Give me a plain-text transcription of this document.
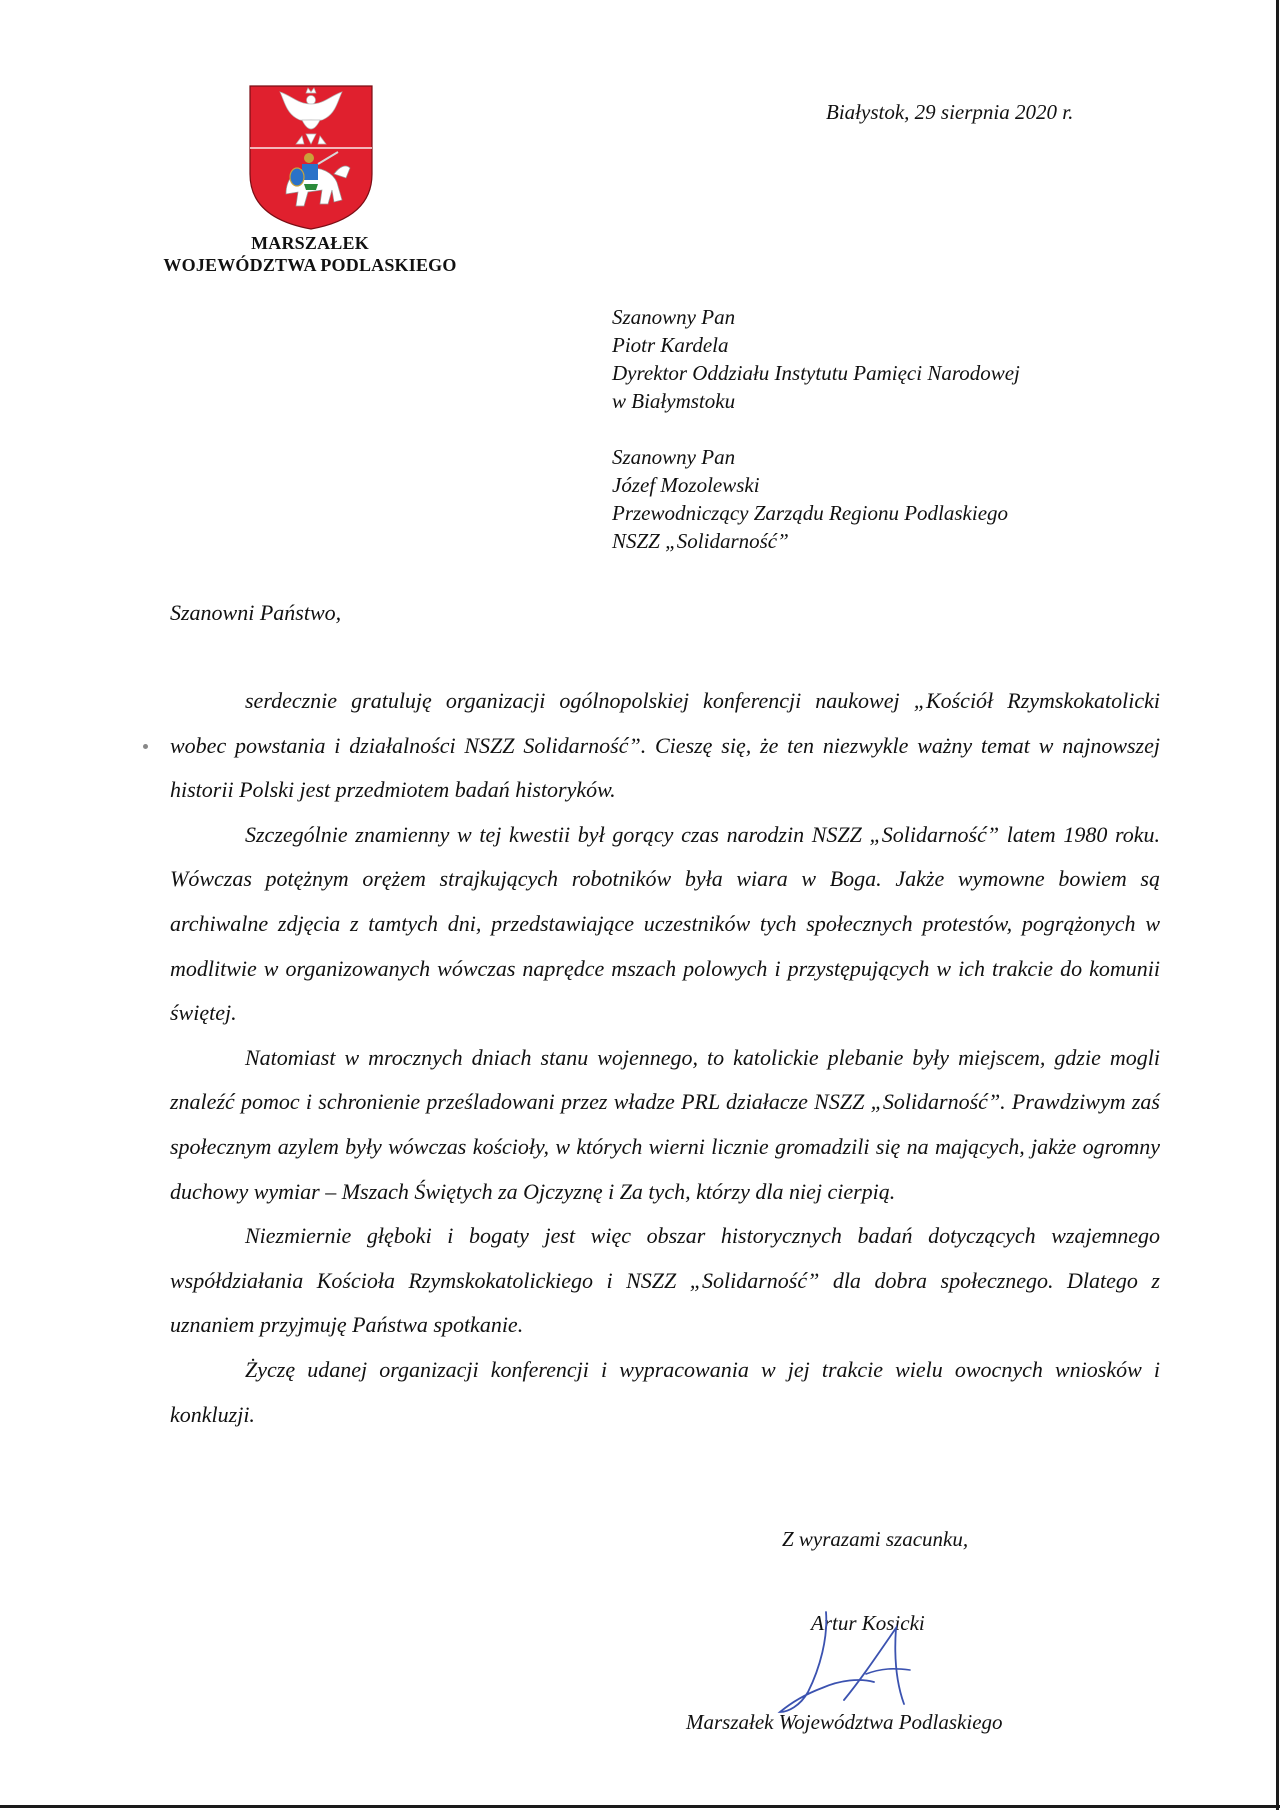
MARSZAŁEK
WOJEWÓDZTWA PODLASKIEGO
Białystok, 29 sierpnia 2020 r.
Szanowny Pan
Piotr Kardela
Dyrektor Oddziału Instytutu Pamięci Narodowej
w Białymstoku
Szanowny Pan
Józef Mozolewski
Przewodniczący Zarządu Regionu Podlaskiego
NSZZ „Solidarność”
Szanowni Państwo,

serdecznie gratuluję organizacji ogólnopolskiej konferencji naukowej „Kościół Rzymskokatolicki wobec powstania i działalności NSZZ Solidarność”. Cieszę się, że ten niezwykle ważny temat w najnowszej historii Polski jest przedmiotem badań historyków.

Szczególnie znamienny w tej kwestii był gorący czas narodzin NSZZ „Solidarność” latem 1980 roku. Wówczas potężnym orężem strajkujących robotników była wiara w Boga. Jakże wymowne bowiem są archiwalne zdjęcia z tamtych dni, przedstawiające uczestników tych społecznych protestów, pogrążonych w modlitwie w organizowanych wówczas naprędce mszach polowych i przystępujących w ich trakcie do komunii świętej.

Natomiast w mrocznych dniach stanu wojennego, to katolickie plebanie były miejscem, gdzie mogli znaleźć pomoc i schronienie prześladowani przez władze PRL działacze NSZZ „Solidarność”. Prawdziwym zaś społecznym azylem były wówczas kościoły, w których wierni licznie gromadzili się na mających, jakże ogromny duchowy wymiar – Mszach Świętych za Ojczyznę i Za tych, którzy dla niej cierpią.

Niezmiernie głęboki i bogaty jest więc obszar historycznych badań dotyczących wzajemnego współdziałania Kościoła Rzymskokatolickiego i NSZZ „Solidarność” dla dobra społecznego. Dlatego z uznaniem przyjmuję Państwa spotkanie.

Życzę udanej organizacji konferencji i wypracowania w jej trakcie wielu owocnych wniosków i konkluzji.

Z wyrazami szacunku,
Artur Kosicki
Marszałek Województwa Podlaskiego
